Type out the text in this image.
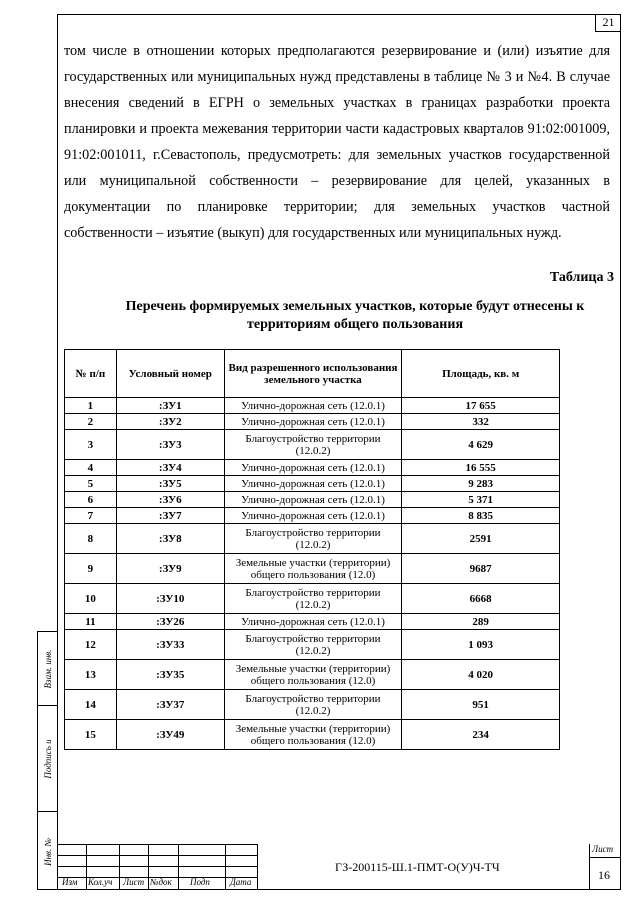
21
Взам. инв.
Подпись и
Инв. №

том числе в отношении которых предполагаются резервирование и (или) изъятие для государственных или муниципальных нужд представлены в таблице № 3 и №4. В случае внесения сведений в ЕГРН о земельных участках в границах разработки проекта планировки и проекта межевания территории части кадастровых кварталов 91:02:001009, 91:02:001011, г.Севастополь, предусмотреть: для земельных участков государственной или муниципальной собственности – резервирование для целей, указанных в документации по планировке территории; для земельных участков частной собственности – изъятие (выкуп) для государственных или муниципальных нужд.

Таблица 3
Перечень формируемых земельных участков, которые будут отнесены к территориям общего пользования
№ п/п	Условный номер	Вид разрешенного использования земельного участка	Площадь, кв. м
1	:ЗУ1	Улично-дорожная сеть (12.0.1)	17 655
2	:ЗУ2	Улично-дорожная сеть (12.0.1)	332
3	:ЗУ3	Благоустройство территории (12.0.2)	4 629
4	:ЗУ4	Улично-дорожная сеть (12.0.1)	16 555
5	:ЗУ5	Улично-дорожная сеть (12.0.1)	9 283
6	:ЗУ6	Улично-дорожная сеть (12.0.1)	5 371
7	:ЗУ7	Улично-дорожная сеть (12.0.1)	8 835
8	:ЗУ8	Благоустройство территории (12.0.2)	2591
9	:ЗУ9	Земельные участки (территории) общего пользования (12.0)	9687
10	:ЗУ10	Благоустройство территории (12.0.2)	6668
11	:ЗУ26	Улично-дорожная сеть (12.0.1)	289
12	:ЗУ33	Благоустройство территории (12.0.2)	1 093
13	:ЗУ35	Земельные участки (территории) общего пользования (12.0)	4 020
14	:ЗУ37	Благоустройство территории (12.0.2)	951
15	:ЗУ49	Земельные участки (территории) общего пользования (12.0)	234
Изм Кол.уч Лист №док Подп Дата
ГЗ-200115-Ш.1-ПМТ-О(У)Ч-ТЧ
Лист
16
